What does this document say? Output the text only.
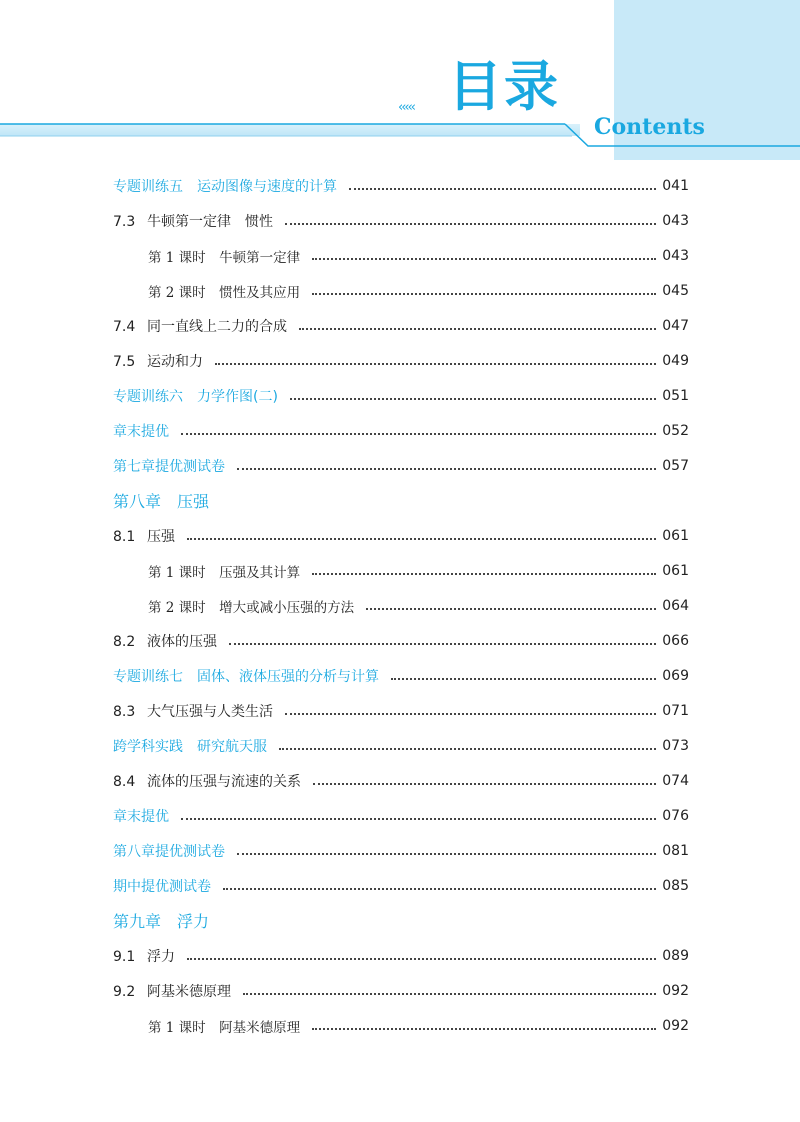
‹‹‹‹‹ 目录
Contents
专题训练五　运动图像与速度的计算	041
7.3 牛顿第一定律　惯性	043
第 1 课时　牛顿第一定律	043
第 2 课时　惯性及其应用	045
7.4 同一直线上二力的合成	047
7.5 运动和力	049
专题训练六　力学作图(二)	051
章末提优	052
第七章提优测试卷	057
第八章　压强
8.1 压强	061
第 1 课时　压强及其计算	061
第 2 课时　增大或减小压强的方法	064
8.2 液体的压强	066
专题训练七　固体、液体压强的分析与计算	069
8.3 大气压强与人类生活	071
跨学科实践　研究航天服	073
8.4 流体的压强与流速的关系	074
章末提优	076
第八章提优测试卷	081
期中提优测试卷	085
第九章　浮力
9.1 浮力	089
9.2 阿基米德原理	092
第 1 课时　阿基米德原理	092
